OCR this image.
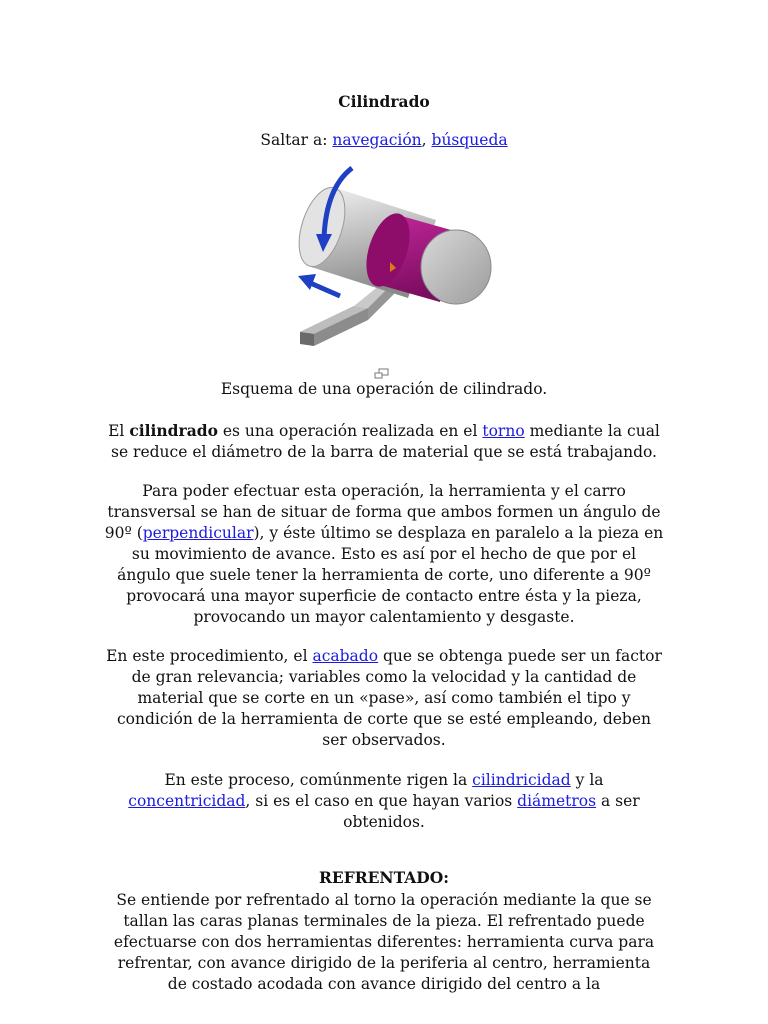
Cilindrado
Saltar a: navegación, búsqueda
Esquema de una operación de cilindrado.

El cilindrado es una operación realizada en el torno mediante la cual se reduce el diámetro de la barra de material que se está trabajando.

Para poder efectuar esta operación, la herramienta y el carro transversal se han de situar de forma que ambos formen un ángulo de 90º (perpendicular), y éste último se desplaza en paralelo a la pieza en su movimiento de avance. Esto es así por el hecho de que por el ángulo que suele tener la herramienta de corte, uno diferente a 90º provocará una mayor superficie de contacto entre ésta y la pieza, provocando un mayor calentamiento y desgaste.

En este procedimiento, el acabado que se obtenga puede ser un factor de gran relevancia; variables como la velocidad y la cantidad de material que se corte en un «pase», así como también el tipo y condición de la herramienta de corte que se esté empleando, deben ser observados.

En este proceso, comúnmente rigen la cilindricidad y la concentricidad, si es el caso en que hayan varios diámetros a ser obtenidos.

REFRENTADO:

Se entiende por refrentado al torno la operación mediante la que se tallan las caras planas terminales de la pieza. El refrentado puede efectuarse con dos herramientas diferentes: herramienta curva para refrentar, con avance dirigido de la periferia al centro, herramienta de costado acodada con avance dirigido del centro a la
